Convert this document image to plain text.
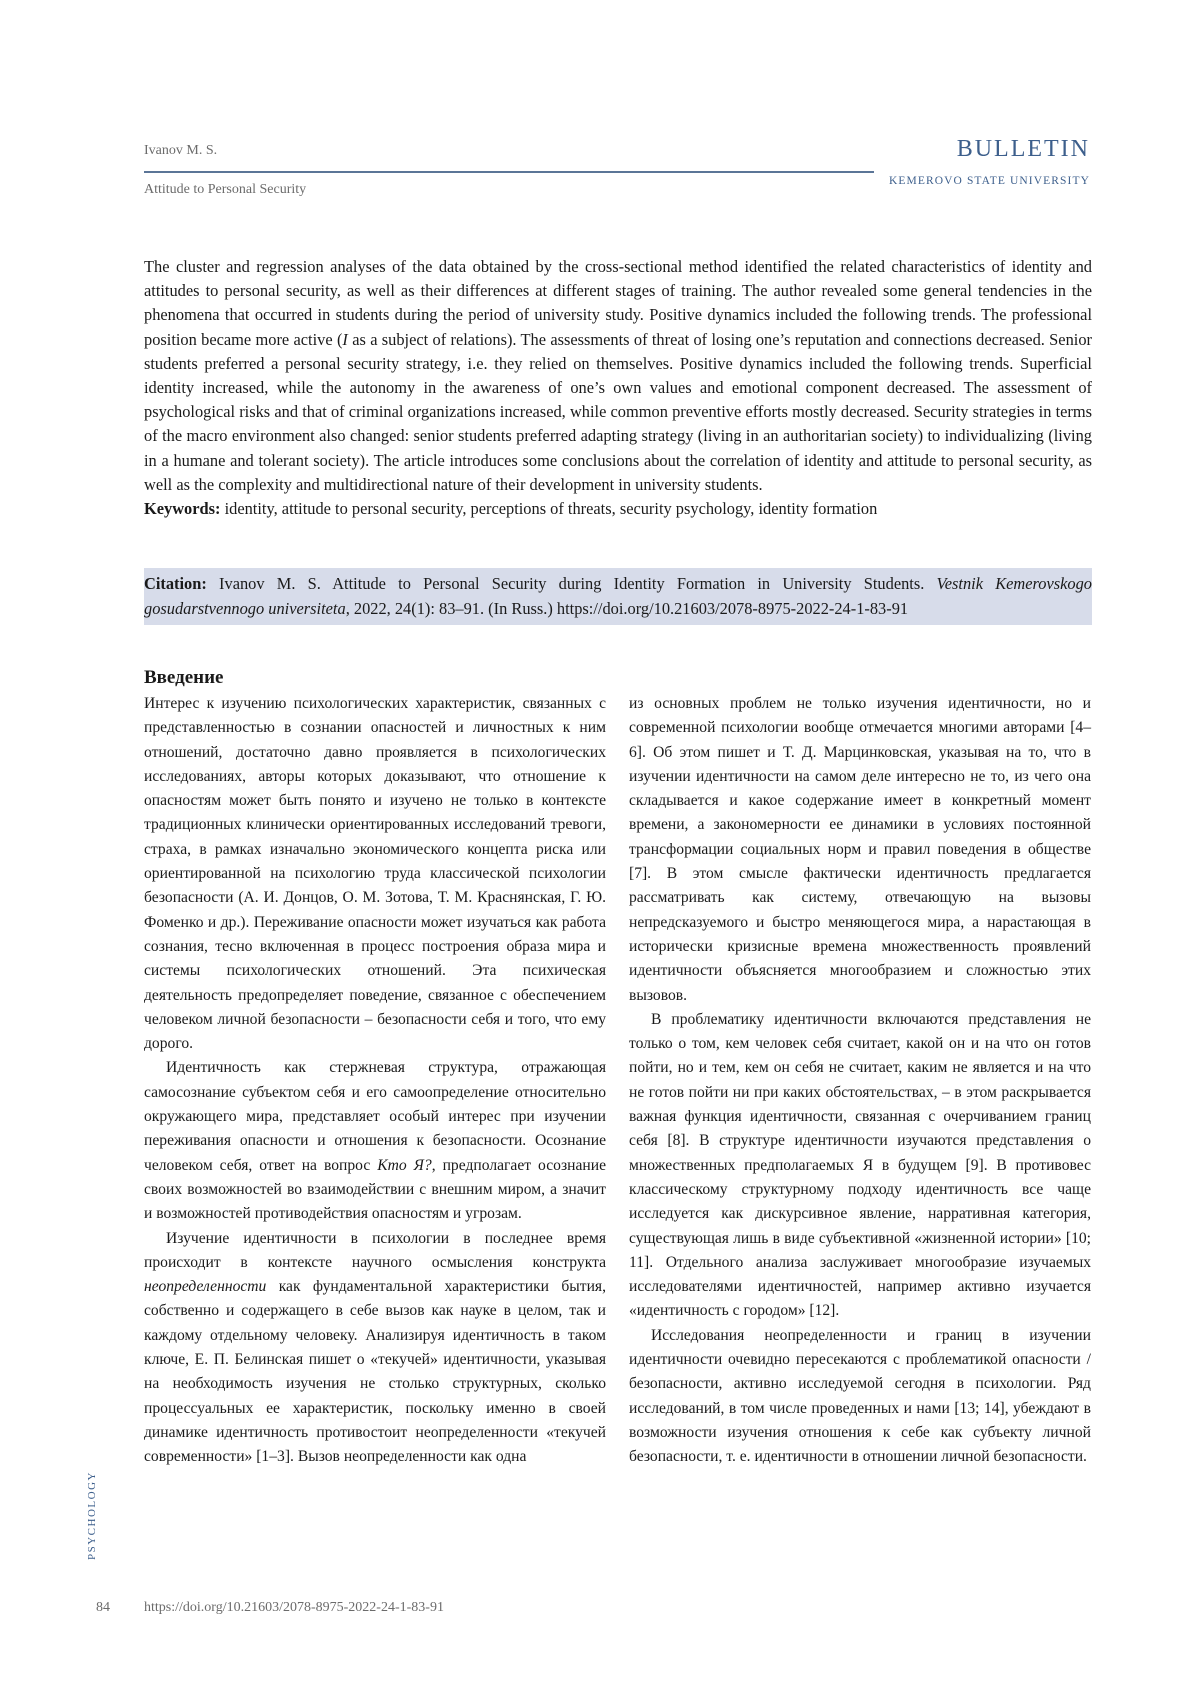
Ivanov M. S.
Attitude to Personal Security
BULLETIN
KEMEROVO STATE UNIVERSITY
The cluster and regression analyses of the data obtained by the cross-sectional method identified the related characteristics of identity and attitudes to personal security, as well as their differences at different stages of training. The author revealed some general tendencies in the phenomena that occurred in students during the period of university study. Positive dynamics included the following trends. The professional position became more active (I as a subject of relations). The assessments of threat of losing one’s reputation and connections decreased. Senior students preferred a personal security strategy, i.e. they relied on themselves. Positive dynamics included the following trends. Superficial identity increased, while the autonomy in the awareness of one’s own values and emotional component decreased. The assessment of psychological risks and that of criminal organizations increased, while common preventive efforts mostly decreased. Security strategies in terms of the macro environment also changed: senior students preferred adapting strategy (living in an authoritarian society) to individualizing (living in a humane and tolerant society). The article introduces some conclusions about the correlation of identity and attitude to personal security, as well as the complexity and multidirectional nature of their development in university students.
Keywords: identity, attitude to personal security, perceptions of threats, security psychology, identity formation
Citation: Ivanov M. S. Attitude to Personal Security during Identity Formation in University Students. Vestnik Kemerovskogo gosudarstvennogo universiteta, 2022, 24(1): 83–91. (In Russ.) https://doi.org/10.21603/2078-8975-2022-24-1-83-91
Введение

Интерес к изучению психологических характеристик, связанных с представленностью в сознании опасностей и личностных к ним отношений, достаточно давно проявляется в психологических исследованиях, авторы которых доказывают, что отношение к опасностям может быть понято и изучено не только в контексте традиционных клинически ориентированных исследований тревоги, страха, в рамках изначально экономического концепта риска или ориентированной на психологию труда классической психологии безопасности (А. И. Донцов, О. М. Зотова, Т. М. Краснянская, Г. Ю. Фоменко и др.). Переживание опасности может изучаться как работа сознания, тесно включенная в процесс построения образа мира и системы психологических отношений. Эта психическая деятельность предопределяет поведение, связанное с обеспечением человеком личной безопасности – безопасности себя и того, что ему дорого.

Идентичность как стержневая структура, отражающая самосознание субъектом себя и его самоопределение относительно окружающего мира, представляет особый интерес при изучении переживания опасности и отношения к безопасности. Осознание человеком себя, ответ на вопрос Кто Я?, предполагает осознание своих возможностей во взаимодействии с внешним миром, а значит и возможностей противодействия опасностям и угрозам.

Изучение идентичности в психологии в последнее время происходит в контексте научного осмысления конструкта неопределенности как фундаментальной характеристики бытия, собственно и содержащего в себе вызов как науке в целом, так и каждому отдельному человеку. Анализируя идентичность в таком ключе, Е. П. Белинская пишет о «текучей» идентичности, указывая на необходимость изучения не столько структурных, сколько процессуальных ее характеристик, поскольку именно в своей динамике идентичность противостоит неопределенности «текучей современности» [1–3]. Вызов неопределенности как одна

из основных проблем не только изучения идентичности, но и современной психологии вообще отмечается многими авторами [4–6]. Об этом пишет и Т. Д. Марцинковская, указывая на то, что в изучении идентичности на самом деле интересно не то, из чего она складывается и какое содержание имеет в конкретный момент времени, а закономерности ее динамики в условиях постоянной трансформации социальных норм и правил поведения в обществе [7]. В этом смысле фактически идентичность предлагается рассматривать как систему, отвечающую на вызовы непредсказуемого и быстро меняющегося мира, а нарастающая в исторически кризисные времена множественность проявлений идентичности объясняется многообразием и сложностью этих вызовов.

В проблематику идентичности включаются представления не только о том, кем человек себя считает, какой он и на что он готов пойти, но и тем, кем он себя не считает, каким не является и на что не готов пойти ни при каких обстоятельствах, – в этом раскрывается важная функция идентичности, связанная с очерчиванием границ себя [8]. В структуре идентичности изучаются представления о множественных предполагаемых Я в будущем [9]. В противовес классическому структурному подходу идентичность все чаще исследуется как дискурсивное явление, нарративная категория, существующая лишь в виде субъективной «жизненной истории» [10; 11]. Отдельного анализа заслуживает многообразие изучаемых исследователями идентичностей, например активно изучается «идентичность с городом» [12].

Исследования неопределенности и границ в изучении идентичности очевидно пересекаются с проблематикой опасности / безопасности, активно исследуемой сегодня в психологии. Ряд исследований, в том числе проведенных и нами [13; 14], убеждают в возможности изучения отношения к себе как субъекту личной безопасности, т. е. идентичности в отношении личной безопасности.

PSYCHOLOGY
84 https://doi.org/10.21603/2078-8975-2022-24-1-83-91
